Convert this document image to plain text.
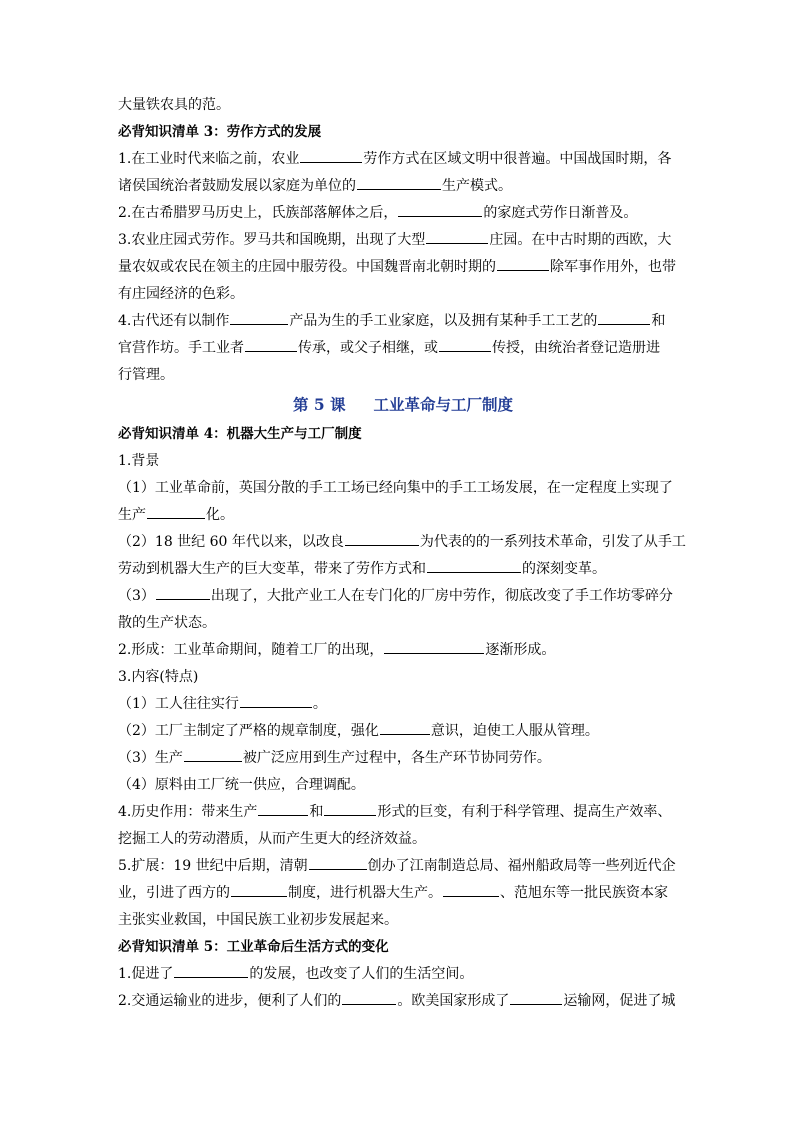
大量铁农具的范。
必背知识清单 3：劳作方式的发展
1.在工业时代来临之前，农业	劳作方式在区域文明中很普遍。中国战国时期，各
诸侯国统治者鼓励发展以家庭为单位的	生产模式。
2.在古希腊罗马历史上，氏族部落解体之后，	的家庭式劳作日渐普及。
3.农业庄园式劳作。罗马共和国晚期，出现了大型	庄园。在中古时期的西欧，大
量农奴或农民在领主的庄园中服劳役。中国魏晋南北朝时期的	除军事作用外，也带
有庄园经济的色彩。
4.古代还有以制作	产品为生的手工业家庭，以及拥有某种手工工艺的	和
官营作坊。手工业者	传承，或父子相继，或	传授，由统治者登记造册进
行管理。
第 5 课 工业革命与工厂制度
必背知识清单 4：机器大生产与工厂制度
1.背景
（1）工业革命前，英国分散的手工工场已经向集中的手工工场发展，在一定程度上实现了
生产	化。
（2）18 世纪 60 年代以来，以改良	为代表的的一系列技术革命，引发了从手工
劳动到机器大生产的巨大变革，带来了劳作方式和	的深刻变革。
（3）	出现了，大批产业工人在专门化的厂房中劳作，彻底改变了手工作坊零碎分
散的生产状态。
2.形成：工业革命期间，随着工厂的出现，	逐渐形成。
3.内容(特点)
（1）工人往往实行	。
（2）工厂主制定了严格的规章制度，强化	意识，迫使工人服从管理。
（3）生产	被广泛应用到生产过程中，各生产环节协同劳作。
（4）原料由工厂统一供应，合理调配。
4.历史作用：带来生产	和	形式的巨变，有利于科学管理、提高生产效率、
挖掘工人的劳动潜质，从而产生更大的经济效益。
5.扩展：19 世纪中后期，清朝	创办了江南制造总局、福州船政局等一些列近代企
业，引进了西方的	制度，进行机器大生产。	、范旭东等一批民族资本家
主张实业救国，中国民族工业初步发展起来。
必背知识清单 5：工业革命后生活方式的变化
1.促进了	的发展，也改变了人们的生活空间。
2.交通运输业的进步，便利了人们的	。欧美国家形成了	运输网，促进了城
